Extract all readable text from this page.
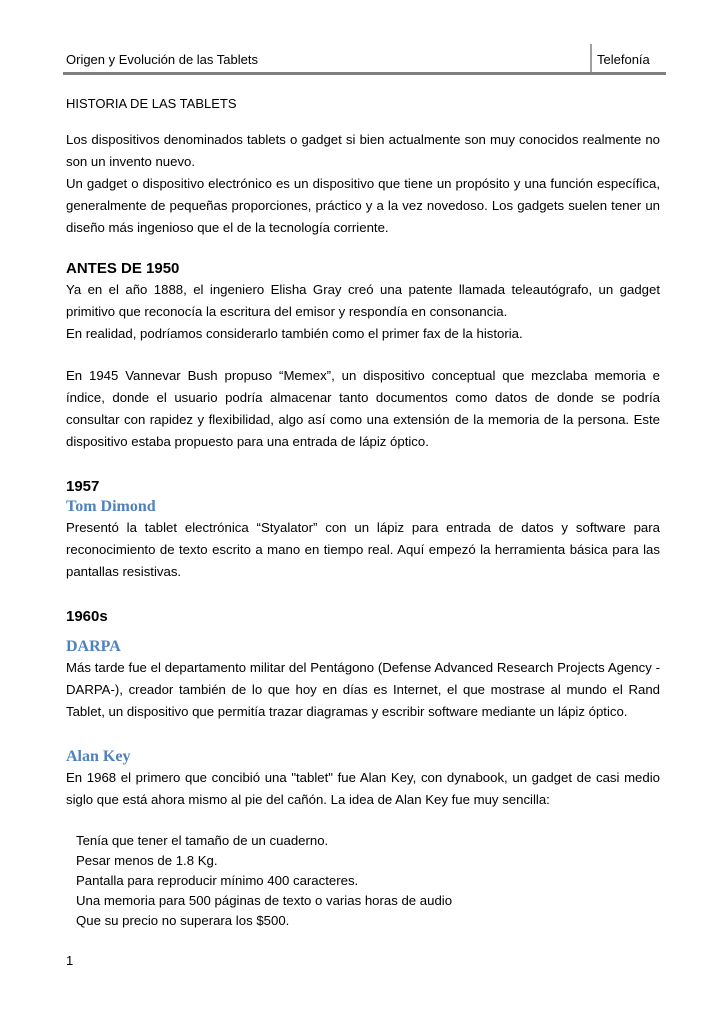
Origen y Evolución de las Tablets	Telefonía

HISTORIA DE LAS TABLETS

Los dispositivos denominados tablets o gadget si bien actualmente son muy conocidos realmente no son un invento nuevo.

Un gadget o dispositivo electrónico es un dispositivo que tiene un propósito y una función específica, generalmente de pequeñas proporciones, práctico y a la vez novedoso. Los gadgets suelen tener un diseño más ingenioso que el de la tecnología corriente.

ANTES DE 1950

Ya en el año 1888, el ingeniero Elisha Gray creó una patente llamada teleautógrafo, un gadget primitivo que reconocía la escritura del emisor y respondía en consonancia.

En realidad, podríamos considerarlo también como el primer fax de la historia.

En 1945 Vannevar Bush propuso “Memex”, un dispositivo conceptual que mezclaba memoria e índice, donde el usuario podría almacenar tanto documentos como datos de donde se podría consultar con rapidez y flexibilidad, algo así como una extensión de la memoria de la persona. Este dispositivo estaba propuesto para una entrada de lápiz óptico.

1957
Tom Dimond

Presentó la tablet electrónica “Styalator” con un lápiz para entrada de datos y software para reconocimiento de texto escrito a mano en tiempo real. Aquí empezó la herramienta básica para las pantallas resistivas.

1960s
DARPA

Más tarde fue el departamento militar del Pentágono (Defense Advanced Research Projects Agency -DARPA-), creador también de lo que hoy en días es Internet, el que mostrase al mundo el Rand Tablet, un dispositivo que permitía trazar diagramas y escribir software mediante un lápiz óptico.

Alan Key

En 1968 el primero que concibió una "tablet" fue Alan Key, con dynabook, un gadget de casi medio siglo que está ahora mismo al pie del cañón. La idea de Alan Key fue muy sencilla:

Tenía que tener el tamaño de un cuaderno.
Pesar menos de 1.8 Kg.
Pantalla para reproducir mínimo 400 caracteres.
Una memoria para 500 páginas de texto o varias horas de audio
Que su precio no superara los $500.
1
